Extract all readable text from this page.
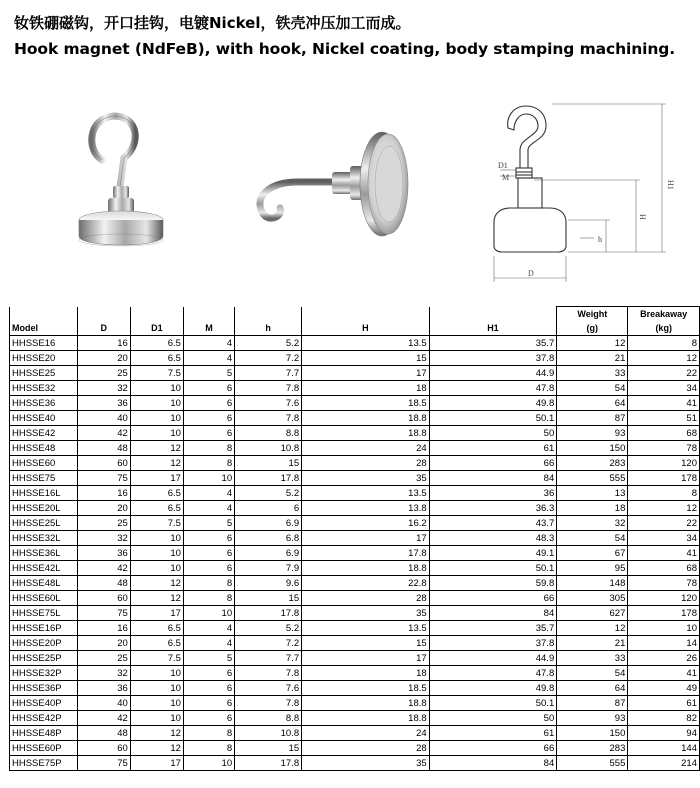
钕铁硼磁钩，开口挂钩，电镀Nickel，铁壳冲压加工而成。
Hook magnet (NdFeB), with hook, Nickel coating, body stamping machining.
D1
M
H1
H
h
D
							Weight	Breakaway
Model	D	D1	M	h	H	H1	(g)	(kg)
HHSSE16	16	6.5	4	5.2	13.5	35.7	12	8
HHSSE20	20	6.5	4	7.2	15	37.8	21	12
HHSSE25	25	7.5	5	7.7	17	44.9	33	22
HHSSE32	32	10	6	7.8	18	47.8	54	34
HHSSE36	36	10	6	7.6	18.5	49.8	64	41
HHSSE40	40	10	6	7.8	18.8	50.1	87	51
HHSSE42	42	10	6	8.8	18.8	50	93	68
HHSSE48	48	12	8	10.8	24	61	150	78
HHSSE60	60	12	8	15	28	66	283	120
HHSSE75	75	17	10	17.8	35	84	555	178
HHSSE16L	16	6.5	4	5.2	13.5	36	13	8
HHSSE20L	20	6.5	4	6	13.8	36.3	18	12
HHSSE25L	25	7.5	5	6.9	16.2	43.7	32	22
HHSSE32L	32	10	6	6.8	17	48.3	54	34
HHSSE36L	36	10	6	6.9	17.8	49.1	67	41
HHSSE42L	42	10	6	7.9	18.8	50.1	95	68
HHSSE48L	48	12	8	9.6	22.8	59.8	148	78
HHSSE60L	60	12	8	15	28	66	305	120
HHSSE75L	75	17	10	17.8	35	84	627	178
HHSSE16P	16	6.5	4	5.2	13.5	35.7	12	10
HHSSE20P	20	6.5	4	7.2	15	37.8	21	14
HHSSE25P	25	7.5	5	7.7	17	44.9	33	26
HHSSE32P	32	10	6	7.8	18	47.8	54	41
HHSSE36P	36	10	6	7.6	18.5	49.8	64	49
HHSSE40P	40	10	6	7.8	18.8	50.1	87	61
HHSSE42P	42	10	6	8.8	18.8	50	93	82
HHSSE48P	48	12	8	10.8	24	61	150	94
HHSSE60P	60	12	8	15	28	66	283	144
HHSSE75P	75	17	10	17.8	35	84	555	214
